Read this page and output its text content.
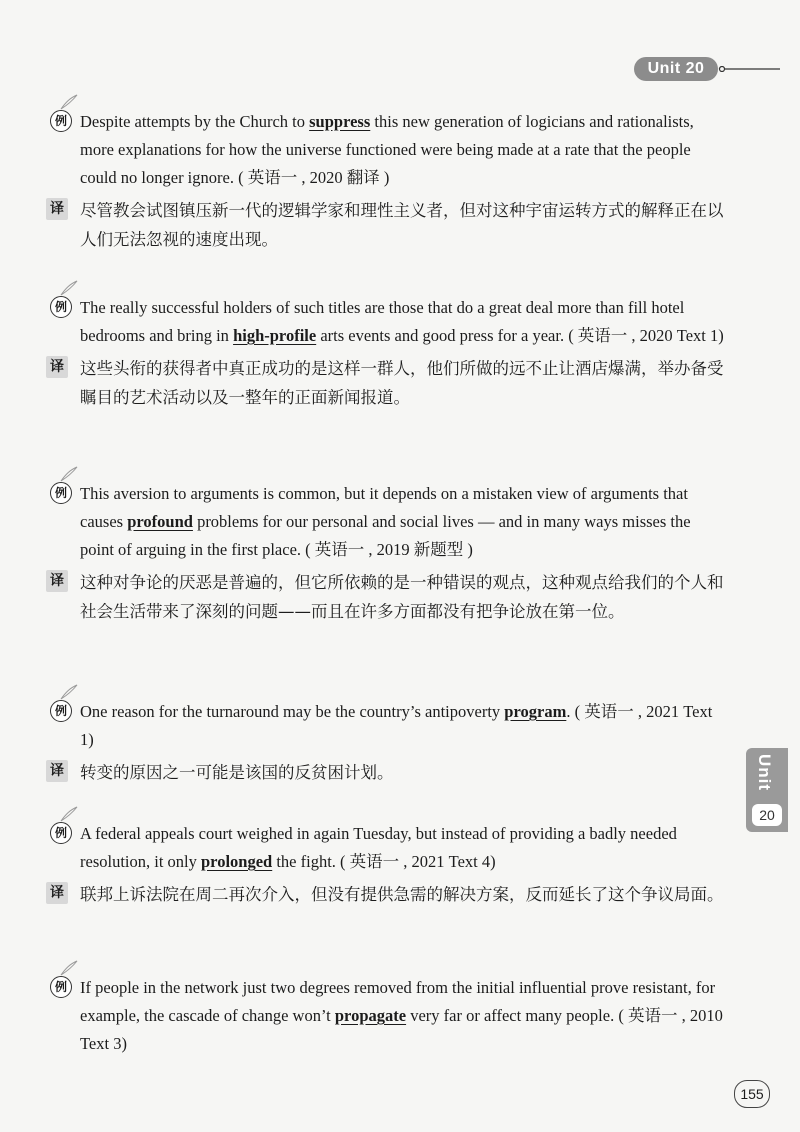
Unit 20
例 Despite attempts by the Church to suppress this new generation of logicians and rationalists, more explanations for how the universe functioned were being made at a rate that the people could no longer ignore. ( 英语一 , 2020 翻译 )
译 尽管教会试图镇压新一代的逻辑学家和理性主义者，但对这种宇宙运转方式的解释正在以人们无法忽视的速度出现。
例 The really successful holders of such titles are those that do a great deal more than fill hotel bedrooms and bring in high-profile arts events and good press for a year. ( 英语一 , 2020 Text 1)
译 这些头衔的获得者中真正成功的是这样一群人，他们所做的远不止让酒店爆满，举办备受瞩目的艺术活动以及一整年的正面新闻报道。
例 This aversion to arguments is common, but it depends on a mistaken view of arguments that causes profound problems for our personal and social lives — and in many ways misses the point of arguing in the first place. ( 英语一 , 2019 新题型 )
译 这种对争论的厌恶是普遍的，但它所依赖的是一种错误的观点，这种观点给我们的个人和社会生活带来了深刻的问题——而且在许多方面都没有把争论放在第一位。
例 One reason for the turnaround may be the country’s antipoverty program. ( 英语一 , 2021 Text 1)
译 转变的原因之一可能是该国的反贫困计划。
例 A federal appeals court weighed in again Tuesday, but instead of providing a badly needed resolution, it only prolonged the fight. ( 英语一 , 2021 Text 4)
译 联邦上诉法院在周二再次介入，但没有提供急需的解决方案，反而延长了这个争议局面。
例 If people in the network just two degrees removed from the initial influential prove resistant, for example, the cascade of change won’t propagate very far or affect many people. ( 英语一 , 2010 Text 3)
Unit
20
155
